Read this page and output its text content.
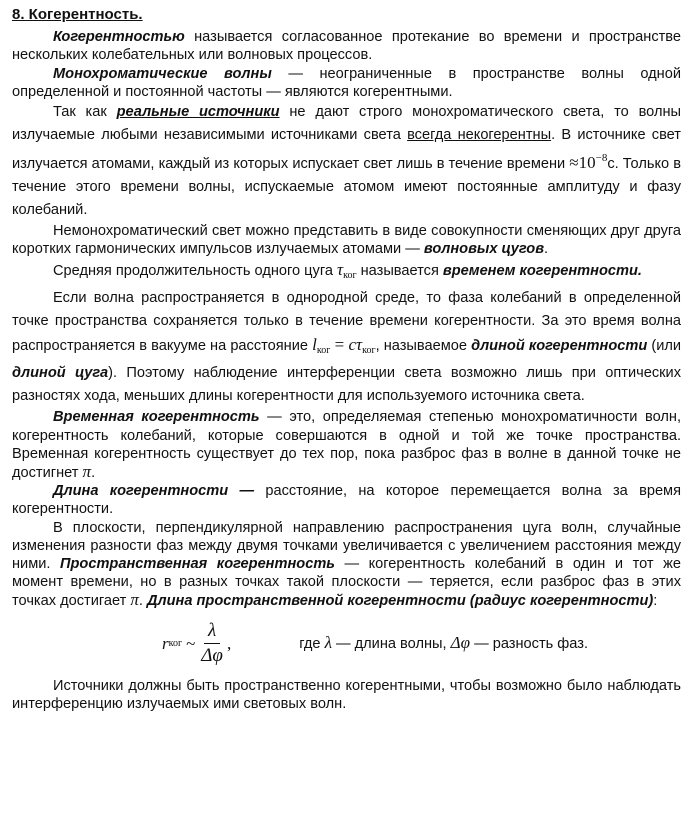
8. Когерентность.

Когерентностью называется согласованное протекание во времени и пространстве нескольких колебательных или волновых процессов.

Монохроматические волны — неограниченные в пространстве волны одной определенной и постоянной частоты — являются когерентными.

Так как реальные источники не дают строго монохроматического света, то волны излучаемые любыми независимыми источниками света всегда некогерентны. В источнике свет излучается атомами, каждый из которых испускает свет лишь в течение времени $\approx 10^{-8}с$. Только в течение этого времени волны, испускаемые атомом имеют постоянные амплитуду и фазу колебаний.

Немонохроматический свет можно представить в виде совокупности сменяющих друг друга коротких гармонических импульсов излучаемых атомами — волновых цугов.

Средняя продолжительность одного цуга $\tau_{ког}$ называется временем когерентности.

Если волна распространяется в однородной среде, то фаза колебаний в определенной точке пространства сохраняется только в течение времени когерентности. За это время волна распространяется в вакууме на расстояние $l_{ког} = c\tau_{ког}$, называемое длиной когерентности (или длиной цуга). Поэтому наблюдение интерференции света возможно лишь при оптических разностях хода, меньших длины когерентности для используемого источника света.

Временная когерентность — это, определяемая степенью монохроматичности волн, когерентность колебаний, которые совершаются в одной и той же точке пространства. Временная когерентность существует до тех пор, пока разброс фаз в волне в данной точке не достигнет π.

Длина когерентности — расстояние, на которое перемещается волна за время когерентности.

В плоскости, перпендикулярной направлению распространения цуга волн, случайные изменения разности фаз между двумя точками увеличивается с увеличением расстояния между ними. Пространственная когерентность — когерентность колебаний в один и тот же момент времени, но в разных точках такой плоскости — теряется, если разброс фаз в этих точках достигает π. Длина пространственной когерентности (радиус когерентности):

r ког ~ $\frac{\lambda}{\Delta\varphi}$ ,	где λ — длина волны, Δφ — разность фаз.

Источники должны быть пространственно когерентными, чтобы возможно было наблюдать интерференцию излучаемых ими световых волн.
